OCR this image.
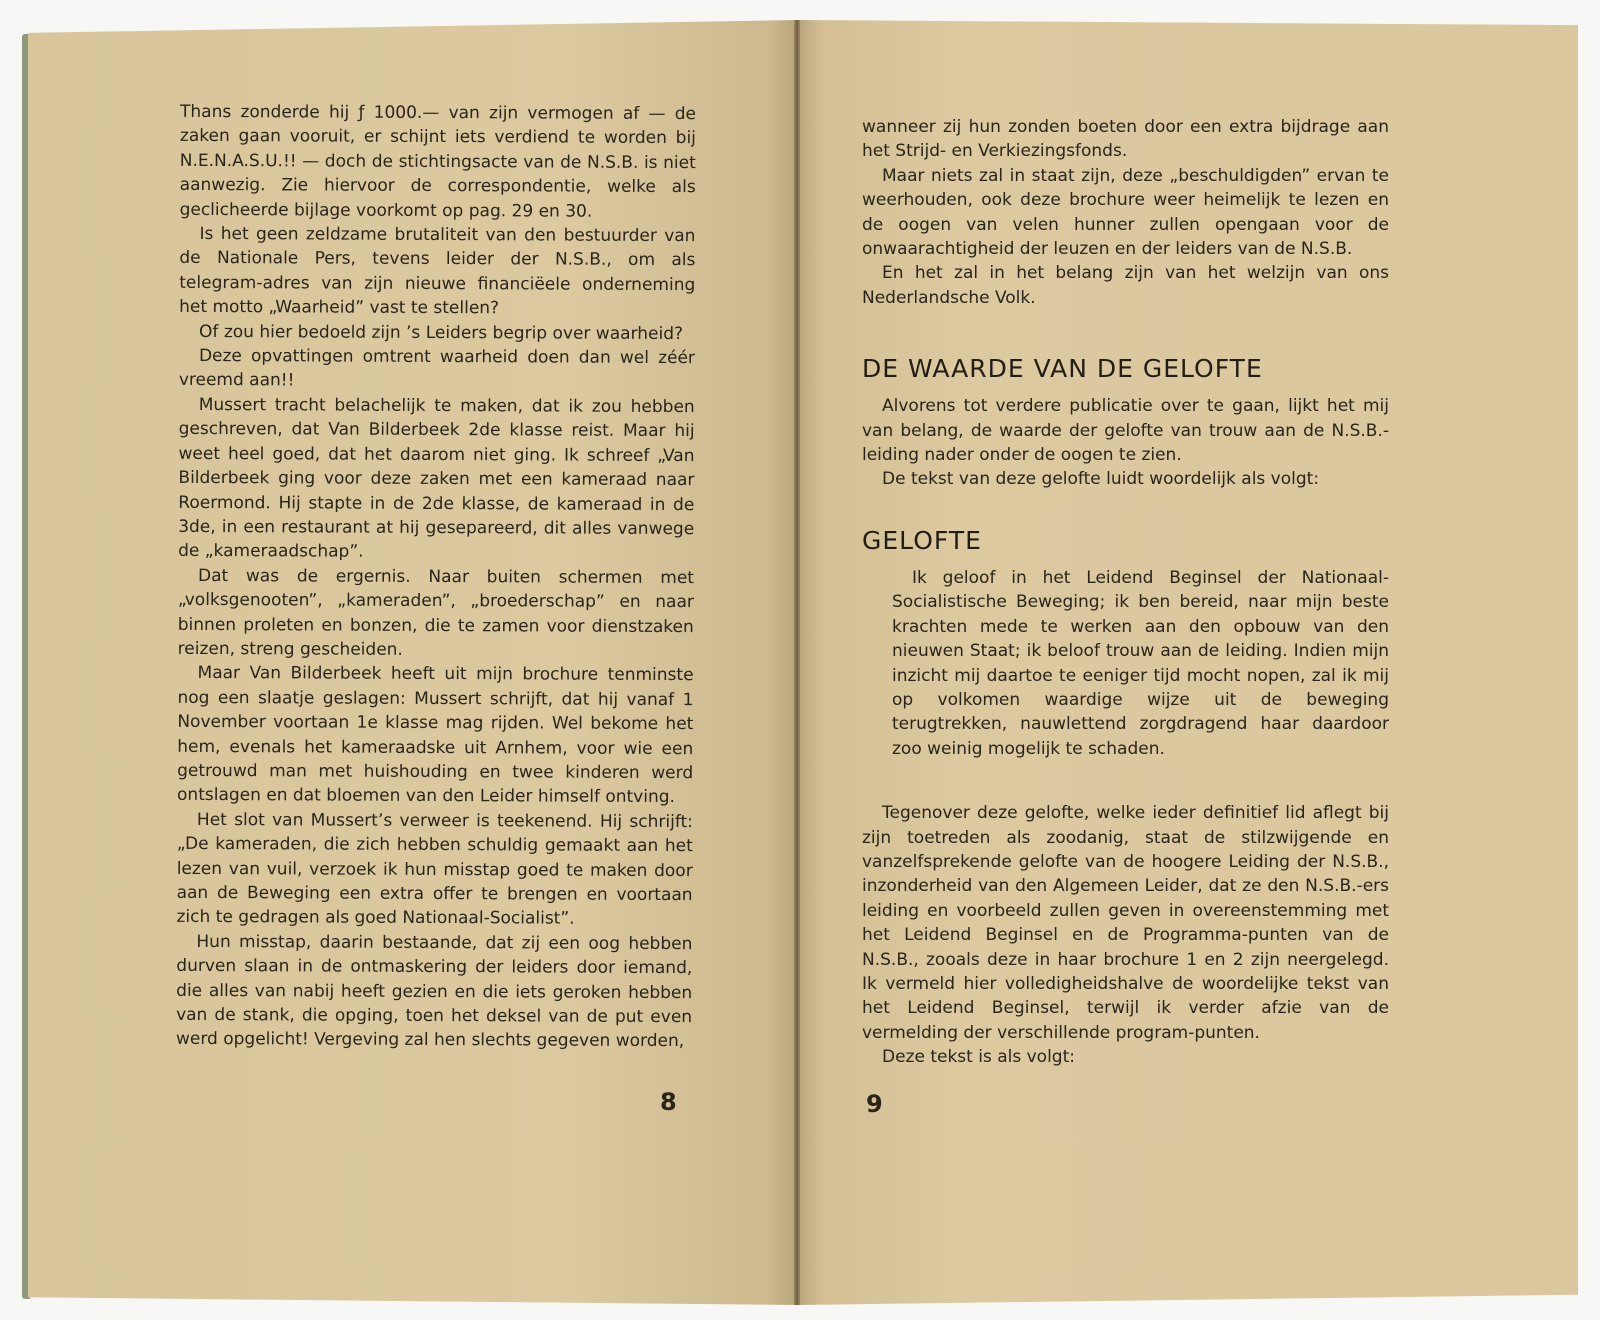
Thans zonderde hij ƒ 1000.— van zijn vermogen af — de zaken gaan vooruit, er schijnt iets verdiend te worden bij N.E.N.A.S.U.!! — doch de stichtingsacte van de N.S.B. is niet aanwezig. Zie hiervoor de correspondentie, welke als geclicheerde bijlage voorkomt op pag. 29 en 30.

Is het geen zeldzame brutaliteit van den bestuurder van de Nationale Pers, tevens leider der N.S.B., om als telegram-adres van zijn nieuwe financiëele onderneming het motto „Waarheid” vast te stellen?

Of zou hier bedoeld zijn ’s Leiders begrip over waarheid?

Deze opvattingen omtrent waarheid doen dan wel zéér vreemd aan!!

Mussert tracht belachelijk te maken, dat ik zou hebben geschreven, dat Van Bilderbeek 2de klasse reist. Maar hij weet heel goed, dat het daarom niet ging. Ik schreef „Van Bilderbeek ging voor deze zaken met een kameraad naar Roermond. Hij stapte in de 2de klasse, de kameraad in de 3de, in een restaurant at hij gesepareerd, dit alles vanwege de „kameraadschap”.

Dat was de ergernis. Naar buiten schermen met „volksgenooten”, „kameraden”, „broederschap” en naar binnen proleten en bonzen, die te zamen voor dienstzaken reizen, streng gescheiden.

Maar Van Bilderbeek heeft uit mijn brochure tenminste nog een slaatje geslagen: Mussert schrijft, dat hij vanaf 1 November voortaan 1e klasse mag rijden. Wel bekome het hem, evenals het kameraadske uit Arnhem, voor wie een getrouwd man met huishouding en twee kinderen werd ontslagen en dat bloemen van den Leider himself ontving.

Het slot van Mussert’s verweer is teekenend. Hij schrijft: „De kameraden, die zich hebben schuldig gemaakt aan het lezen van vuil, verzoek ik hun misstap goed te maken door aan de Beweging een extra offer te brengen en voortaan zich te gedragen als goed Nationaal-Socialist”.

Hun misstap, daarin bestaande, dat zij een oog hebben durven slaan in de ontmaskering der leiders door iemand, die alles van nabij heeft gezien en die iets geroken hebben van de stank, die opging, toen het deksel van de put even werd opgelicht! Vergeving zal hen slechts gegeven worden,

8

wanneer zij hun zonden boeten door een extra bijdrage aan het Strijd- en Verkiezingsfonds.

Maar niets zal in staat zijn, deze „beschuldigden” ervan te weerhouden, ook deze brochure weer heimelijk te lezen en de oogen van velen hunner zullen opengaan voor de onwaarachtigheid der leuzen en der leiders van de N.S.B.

En het zal in het belang zijn van het welzijn van ons Nederlandsche Volk.

DE WAARDE VAN DE GELOFTE

Alvorens tot verdere publicatie over te gaan, lijkt het mij van belang, de waarde der gelofte van trouw aan de N.S.B.-leiding nader onder de oogen te zien.

De tekst van deze gelofte luidt woordelijk als volgt:

GELOFTE

Ik geloof in het Leidend Beginsel der Nationaal-Socialistische Beweging; ik ben bereid, naar mijn beste krachten mede te werken aan den opbouw van den nieuwen Staat; ik beloof trouw aan de leiding. Indien mijn inzicht mij daartoe te eeniger tijd mocht nopen, zal ik mij op volkomen waardige wijze uit de beweging terugtrekken, nauwlettend zorgdragend haar daardoor zoo weinig mogelijk te schaden.

Tegenover deze gelofte, welke ieder definitief lid aflegt bij zijn toetreden als zoodanig, staat de stilzwijgende en vanzelfsprekende gelofte van de hoogere Leiding der N.S.B., inzonderheid van den Algemeen Leider, dat ze den N.S.B.-ers leiding en voorbeeld zullen geven in overeenstemming met het Leidend Beginsel en de Programma-punten van de N.S.B., zooals deze in haar brochure 1 en 2 zijn neergelegd. Ik vermeld hier volledigheidshalve de woordelijke tekst van het Leidend Beginsel, terwijl ik verder afzie van de vermelding der verschillende program-punten.

Deze tekst is als volgt:

9
